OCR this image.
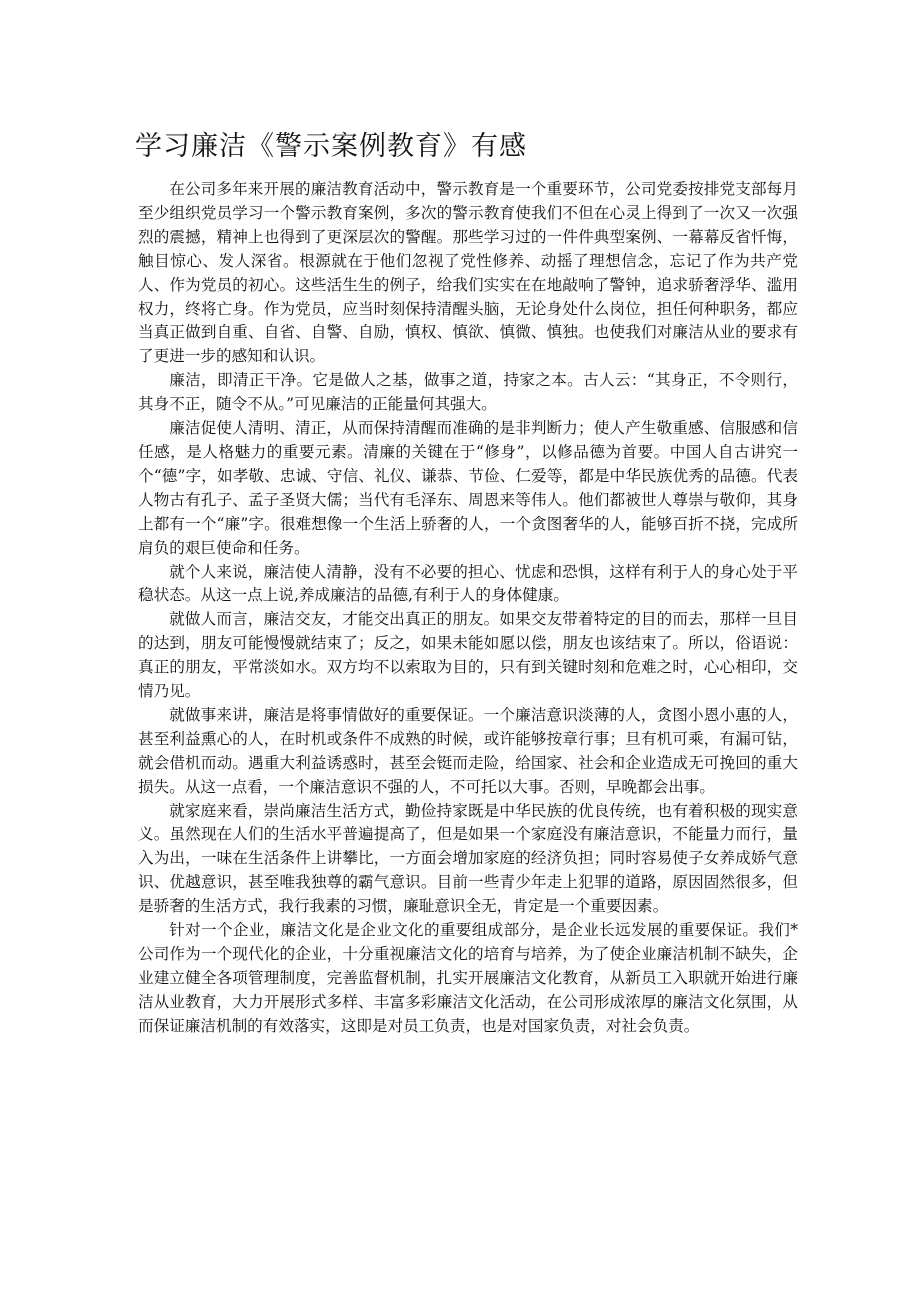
学习廉洁《警示案例教育》有感

在公司多年来开展的廉洁教育活动中，警示教育是一个重要环节，公司党委按排党支部每月至少组织党员学习一个警示教育案例，多次的警示教育使我们不但在心灵上得到了一次又一次强烈的震撼，精神上也得到了更深层次的警醒。那些学习过的一件件典型案例、一幕幕反省忏悔，触目惊心、发人深省。根源就在于他们忽视了党性修养、动摇了理想信念，忘记了作为共产党人、作为党员的初心。这些活生生的例子，给我们实实在在地敲响了警钟，追求骄奢浮华、滥用权力，终将亡身。作为党员，应当时刻保持清醒头脑，无论身处什么岗位，担任何种职务，都应当真正做到自重、自省、自警、自励，慎权、慎欲、慎微、慎独。也使我们对廉洁从业的要求有了更进一步的感知和认识。

廉洁，即清正干净。它是做人之基，做事之道，持家之本。古人云：“其身正，不令则行，其身不正，随令不从。”可见廉洁的正能量何其强大。

廉洁促使人清明、清正，从而保持清醒而准确的是非判断力；使人产生敬重感、信服感和信任感，是人格魅力的重要元素。清廉的关键在于“修身”，以修品德为首要。中国人自古讲究一个“德”字，如孝敬、忠诚、守信、礼仪、谦恭、节俭、仁爱等，都是中华民族优秀的品德。代表人物古有孔子、孟子圣贤大儒；当代有毛泽东、周恩来等伟人。他们都被世人尊崇与敬仰，其身上都有一个“廉”字。很难想像一个生活上骄奢的人，一个贪图奢华的人，能够百折不挠，完成所肩负的艰巨使命和任务。

就个人来说，廉洁使人清静，没有不必要的担心、忧虑和恐惧，这样有利于人的身心处于平稳状态。从这一点上说,养成廉洁的品德,有利于人的身体健康。

就做人而言，廉洁交友，才能交出真正的朋友。如果交友带着特定的目的而去，那样一旦目的达到，朋友可能慢慢就结束了；反之，如果未能如愿以偿，朋友也该结束了。所以，俗语说：真正的朋友，平常淡如水。双方均不以索取为目的，只有到关键时刻和危难之时，心心相印，交情乃见。

就做事来讲，廉洁是将事情做好的重要保证。一个廉洁意识淡薄的人，贪图小恩小惠的人，甚至利益熏心的人，在时机或条件不成熟的时候，或许能够按章行事；旦有机可乘，有漏可钻，就会借机而动。遇重大利益诱惑时，甚至会铤而走险，给国家、社会和企业造成无可挽回的重大损失。从这一点看，一个廉洁意识不强的人，不可托以大事。否则，早晚都会出事。

就家庭来看，崇尚廉洁生活方式，勤俭持家既是中华民族的优良传统，也有着积极的现实意义。虽然现在人们的生活水平普遍提高了，但是如果一个家庭没有廉洁意识，不能量力而行，量入为出，一味在生活条件上讲攀比，一方面会增加家庭的经济负担；同时容易使子女养成娇气意识、优越意识，甚至唯我独尊的霸气意识。目前一些青少年走上犯罪的道路，原因固然很多，但是骄奢的生活方式，我行我素的习惯，廉耻意识全无，肯定是一个重要因素。

针对一个企业，廉洁文化是企业文化的重要组成部分，是企业长远发展的重要保证。我们*公司作为一个现代化的企业，十分重视廉洁文化的培育与培养，为了使企业廉洁机制不缺失，企业建立健全各项管理制度，完善监督机制，扎实开展廉洁文化教育，从新员工入职就开始进行廉洁从业教育，大力开展形式多样、丰富多彩廉洁文化活动，在公司形成浓厚的廉洁文化氛围，从而保证廉洁机制的有效落实，这即是对员工负责，也是对国家负责，对社会负责。
